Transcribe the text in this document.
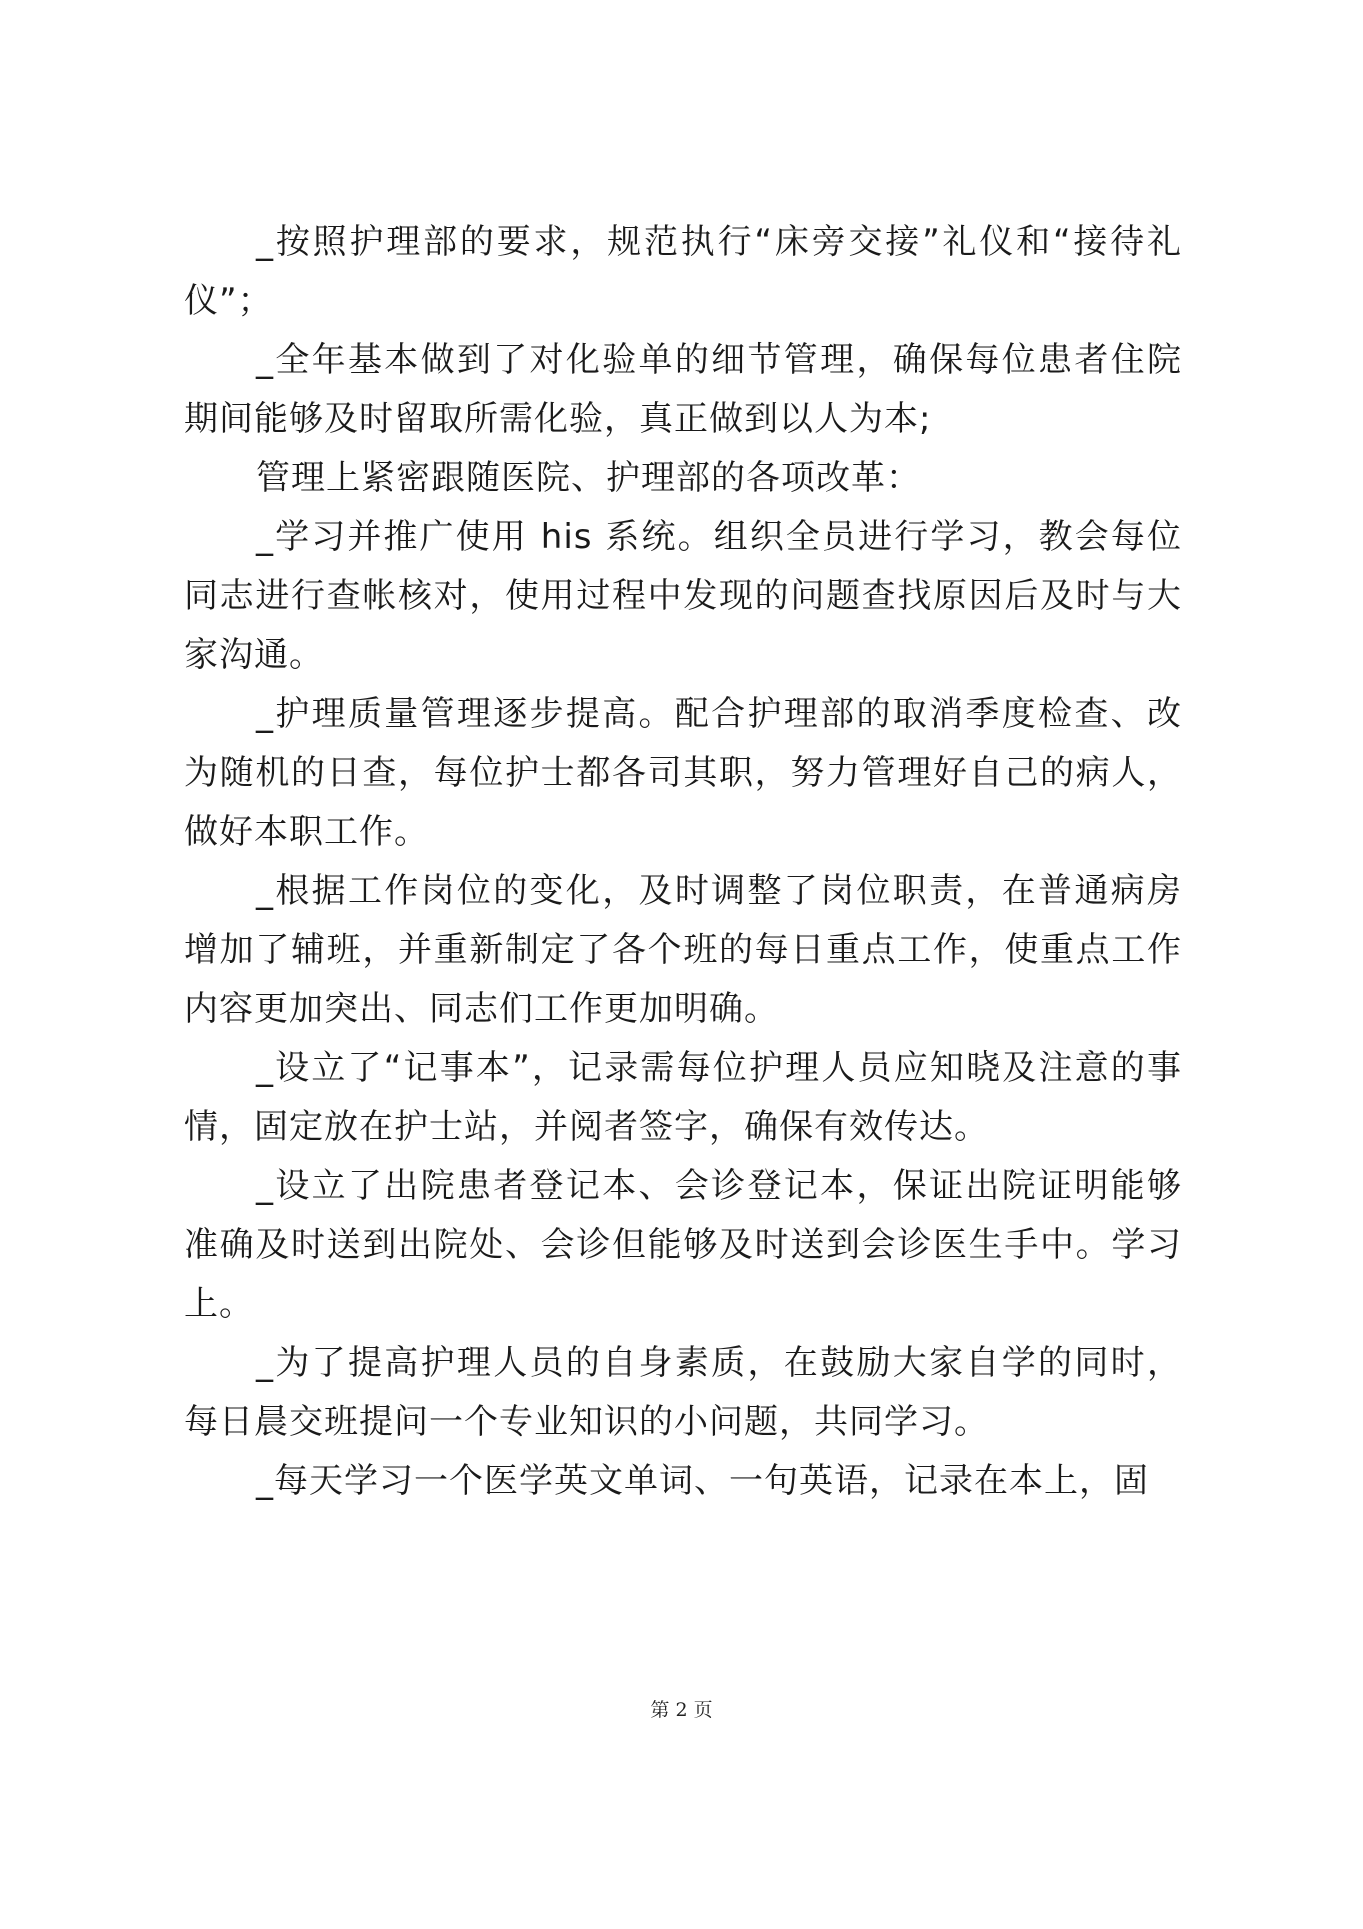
_按照护理部的要求，规范执行“床旁交接”礼仪和“接待礼仪”；

_全年基本做到了对化验单的细节管理，确保每位患者住院期间能够及时留取所需化验，真正做到以人为本;

管理上紧密跟随医院、护理部的各项改革：

_学习并推广使用 his 系统。组织全员进行学习，教会每位同志进行查帐核对，使用过程中发现的问题查找原因后及时与大家沟通。

_护理质量管理逐步提高。配合护理部的取消季度检查、改为随机的日查，每位护士都各司其职，努力管理好自己的病人，做好本职工作。

_根据工作岗位的变化，及时调整了岗位职责，在普通病房增加了辅班，并重新制定了各个班的每日重点工作，使重点工作内容更加突出、同志们工作更加明确。

_设立了“记事本”，记录需每位护理人员应知晓及注意的事情，固定放在护士站，并阅者签字，确保有效传达。

_设立了出院患者登记本、会诊登记本，保证出院证明能够准确及时送到出院处、会诊但能够及时送到会诊医生手中。学习上。

_为了提高护理人员的自身素质，在鼓励大家自学的同时，每日晨交班提问一个专业知识的小问题，共同学习。

_每天学习一个医学英文单词、一句英语，记录在本上，固

第 2 页
